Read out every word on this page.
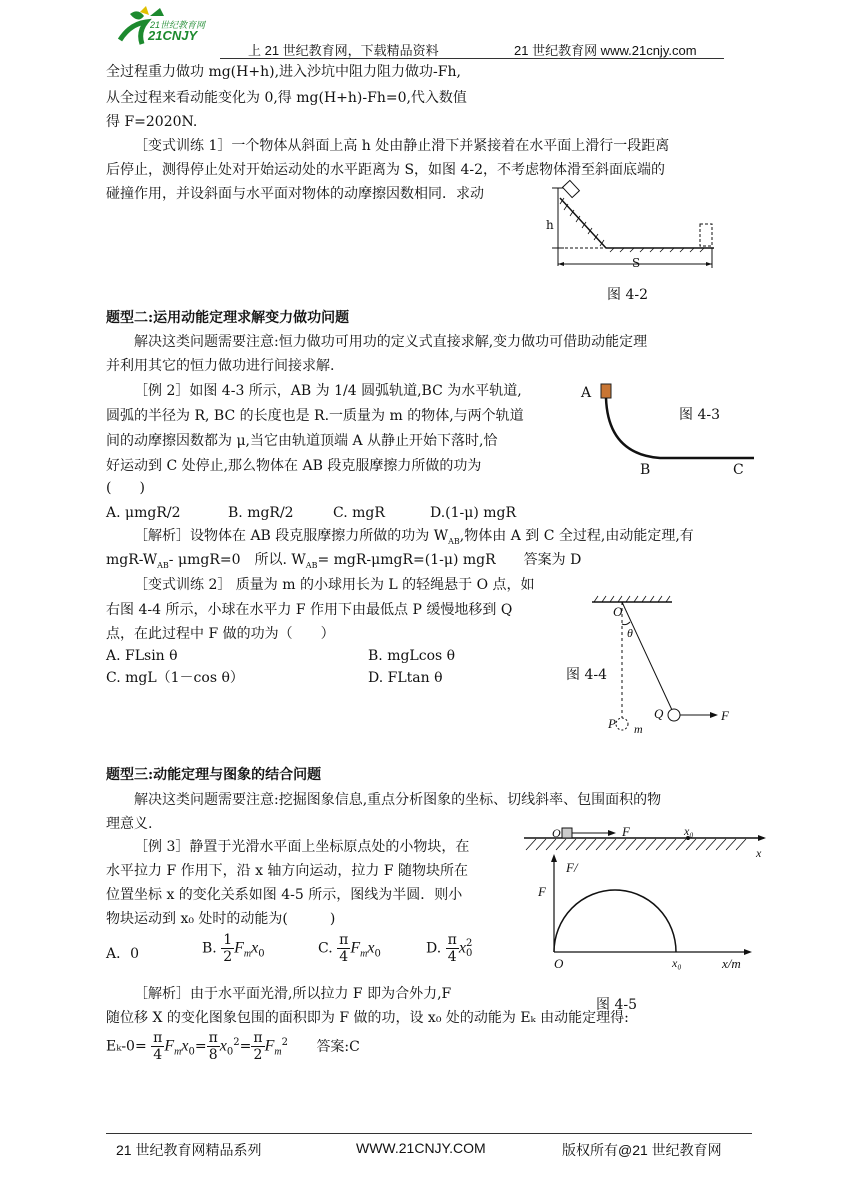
21世纪教育网
21CNJY
上 21 世纪教育网，下载精品资料	21 世纪教育网 www.21cnjy.com
全过程重力做功 mg(H+h),进入沙坑中阻力阻力做功-Fh,
从全过程来看动能变化为 0,得 mg(H+h)-Fh=0,代入数值
得 F=2020N.
［变式训练 1］一个物体从斜面上高 h 处由静止滑下并紧接着在水平面上滑行一段距离
后停止，测得停止处对开始运动处的水平距离为 S，如图 4-2，不考虑物体滑至斜面底端的
碰撞作用，并设斜面与水平面对物体的动摩擦因数相同．求动
h
S
图 4-2
题型二:运用动能定理求解变力做功问题
解决这类问题需要注意:恒力做功可用功的定义式直接求解,变力做功可借助动能定理
并利用其它的恒力做功进行间接求解.
［例 2］如图 4-3 所示，AB 为 1/4 圆弧轨道,BC 为水平轨道,
圆弧的半径为 R, BC 的长度也是 R.一质量为 m 的物体,与两个轨道
间的动摩擦因数都为 μ,当它由轨道顶端 A 从静止开始下落时,恰
好运动到 C 处停止,那么物体在 AB 段克服摩擦力所做的功为
(　　)
A
B	C
图 4-3
A. μmgR/2	B. mgR/2	C. mgR	D.(1-μ) mgR
［解析］设物体在 AB 段克服摩擦力所做的功为 $W_{AB}$,物体由 A 到 C 全过程,由动能定理,有
mgR-$W_{AB}-$ μmgR=0　所以. $W_{AB}= mgR-\mu mgR=(1-\mu)$ mgR　　答案为 D
［变式训练 2］ 质量为 m 的小球用长为 L 的轻绳悬于 O 点，如
右图 4-4 所示，小球在水平力 F 作用下由最低点 P 缓慢地移到 Q
点，在此过程中 F 做的功为（　　）
A. FLsin θ	B. mgLcos θ
C. mgL（1－cos θ）	D. FLtan θ
O
θ
P m
Q	F
图 4-4
题型三:动能定理与图象的结合问题
解决这类问题需要注意:挖掘图象信息,重点分析图象的坐标、切线斜率、包围面积的物
理意义.
［例 3］静置于光滑水平面上坐标原点处的小物块，在
水平拉力 F 作用下，沿 x 轴方向运动，拉力 F 随物块所在
位置坐标 x 的变化关系如图 4-5 所示，图线为半圆．则小
物块运动到 x₀ 处时的动能为(　　　)
A．0	B. $\frac{1}{2} F_mx_0$	C. $\frac{\pi}{4} F_mx_0$	D. $\frac{\pi}{4}$ x $_{2 0}$
O	F	x₀
x
F/
F
O	x₀	x/m
图 4-5
［解析］由于水平面光滑,所以拉力 F 即为合外力,F
随位移 X 的变化图象包围的面积即为 F 做的功，设 x₀ 处的动能为 Eₖ 由动能定理得:
$E_k-0= \frac{\pi}{4} F_mx_0= \frac{\pi}{8} x_0^2= \frac{\pi}{2} F_m^2$ 答案:C
21 世纪教育网精品系列	WWW.21CNJY.COM	版权所有@21 世纪教育网
